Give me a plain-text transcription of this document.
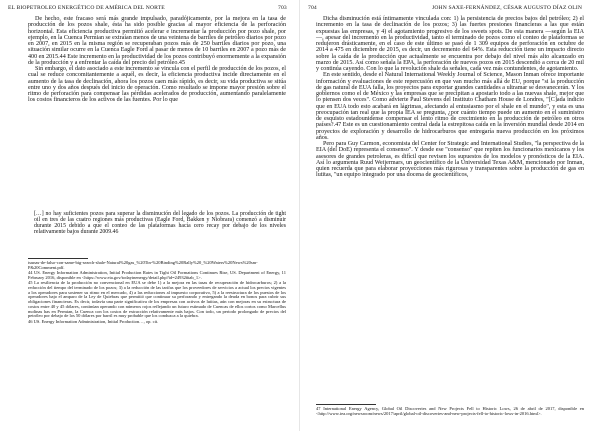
EL BIOPETROLEO ENERGÉTICO DE AMÉRICA DEL NORTE	703

De hecho, este fracaso será más grande impulsado, paradójicamente, por la mejora en la tasa de producción de los pozos shale, ésta ha sido posible gracias al mayor eficiencia de la perforación horizontal. Esta eficiencia productiva permitió acelerar e incrementar la producción por pozo shale, por ejemplo, en la Cuenca Permian se extraían menos de una veintena de barriles de petróleo diarios por pozo en 2007, en 2015 en la misma región se recuperaban pozos más de 250 barriles diarios por pozo, una situación similar ocurre en la Cuenca Eagle Ford al pasar de menos de 10 barriles en 2007 a pozo más de 400 en 2015.44 Este incremento en la productividad de los pozos contribuyó enormemente a la expansión de la producción y a enfrentar la caída del precio del petróleo.45

Sin embargo, el dato asociado a este incremento se vincula con el perfil de producción de los pozos, el cual se reduce concomitantemente a aquél, es decir, la eficiencia productiva incide directamente en el aumento de la tasa de declinación, ahora los pozos caen más rápido, es decir, su vida productiva se sitúa entre uno y dos años después del inicio de operación. Como resultado se impone mayor presión sobre el ritmo de perforación para compensar las pérdidas acelerados de producción, aumentando paralelamente los costos financieros de los activos de las fuentes. Por lo que

[…] no hay suficientes pozos para superar la disminución del legado de los pozos. La producción de tight oil en tres de las cuatro regiones más productivas (Eagle Ford, Bakken y Niobrara) comenzó a disminuir durante 2015 debido a que el conteo de las plataformas hacía cero recay por debajo de los niveles relativamente bajos durante 2009.46

tsunas-de-falso-con-same-big-search-shale-Natural%20gas_%20Tin-%20Binding%20Rally%20_%20Waters%20News%20sm-P&20Comment.pdf.

44 US. Energy Information Administration, Initial Production Rates in Tight Oil Formations Continues Rise, US. Department of Energy, 11 February 2016, disponible en <https://www.eia.gov/todayinenergy/detail.php?id=24932#tab_1>.

45 La resiliencia de la producción no convencional en EUA se debe 1) a la mejora en las tasas de recuperación de hidrocarburos; 2) a la reducción del tiempo del terminado de los pozos; 3) a la reducción de las tarifas que los proveedores de servicios a actual los precios vigentes a los operadores para sostener su ritmo en el mercado, 4) a las reducciones al impuesto corporativo, 5) a la reestructura de los puestos de los operadores bajo el amparo de la Ley de Quiebras que permitió que continuar su perforando y entregando la deuda en bonos para cubrir sus obligaciones financieras. Es decir, todavía una parte significativa de los empresas con activos de lutitas, aún con mejoras en su estructura de costos entre 40 y 45 dólares, continúan operando con números rojos reflejando un futuro estimado de Cuencas de ellos cortos como Marcellus molinas has en Permian, la Cuenca con los costos de extracción relativamente más bajos. Con todo, un periodo prolongado de precios del petróleo por debajo de los 50 dólares por barril es muy probable que los conduzca a la quiebra.

46 US. Energy Information Administration, Initial Production…, op. cit.

704	JOHN SAXE-FERNÁNDEZ, CÉSAR AUGUSTO DÍAZ OLIN

Dicha disminución está íntimamente vinculada con: 1) la persistencia de precios bajos del petróleo; 2) el incremento en la tasa de declinación de los pozos; 3) las fuertes presiones financieras a las que están expuestas las empresas, y 4) el agotamiento progresivo de los sweets spots. De esta manera —según la EIA—, apesar del incremento en la productividad, tanto el terminado de pozos como el conteo de plataformas se redujeron drásticamente, en el caso de este último se pasó de 1 309 equipos de perforación en octubre de 2014 a 475 en diciembre de 2015, es decir, un decremento del 64%. Esta reducción tiene un impacto directo sobre la caída de la producción que actualmente se encuentra por debajo del nivel más alto alcanzado en marzo de 2015. Así como señala la EPA, la perforación de nuevos pozos en 2015 descendió a cerca de 20 mil y continúa cayendo. Con lo que la revolución shale da señales, cada vez más contundentes, de agotamiento.

En este sentido, desde el Natural International Weekly Journal of Science, Mason Inman ofrece importante información y evaluaciones de este repercusión en que van mucho más allá de EU, porque "si la producción de gas natural de EUA falla, los proyectos para exportar grandes cantidades a ultramar se desvanecerán. Y los gobiernos como el de México y las empresas que se precipitan a apostarlo todo a las nuevas shale, mejor que lo piensen dos veces". Como advierte Paul Stevens del Instituto Chatham House de Londres, "[C]ada indicio que en EUA todo esto acabará en lágrimas, afectando al entusiasmo por el shale en el mundo", y esta es una preocupación tan real que la propia IEA se pregunta, ¿por cuánto tiempo puede un aumento en el suministro de esquisto estadounidense compensar el lento ritmo de crecimiento en la producción de petróleo en otros países?.47 Este es un cuestionamiento central dada la estrepitosa caída en la inversión mundial desde 2014 en proyectos de exploración y desarrollo de hidrocarburos que entregaría nueva producción en los próximos años.

Pero para Guy Carmon, economista del Center for Strategic and International Studies, "la perspectiva de la EIA (del DoE) representa el consenso". Y desde ese "consenso" que repiten los funcionarios mexicanos y los asesores de grandes petroleras, es difícil que revisen los supuestos de los modelos y pronósticos de la EIA. Así lo argumenta Ruud Weijermars, un geocientífico de la Universidad Texas A&M, mencionado por Inman, quien recuerda que para elaborar proyecciones más rigurosas y transparentes sobre la producción de gas en lutitas, "un equipo integrado por una docena de geocientíficos,

47 International Energy Agency, Global Oil Discoveries and New Projects Fell to Historic Lows, 26 de abril de 2017, disponible en <http://www.iea.org/newsroom/news/2017/april/global-oil-discoveries-and-new-projects-fell-to-historic-lows-in-2016.html>.
